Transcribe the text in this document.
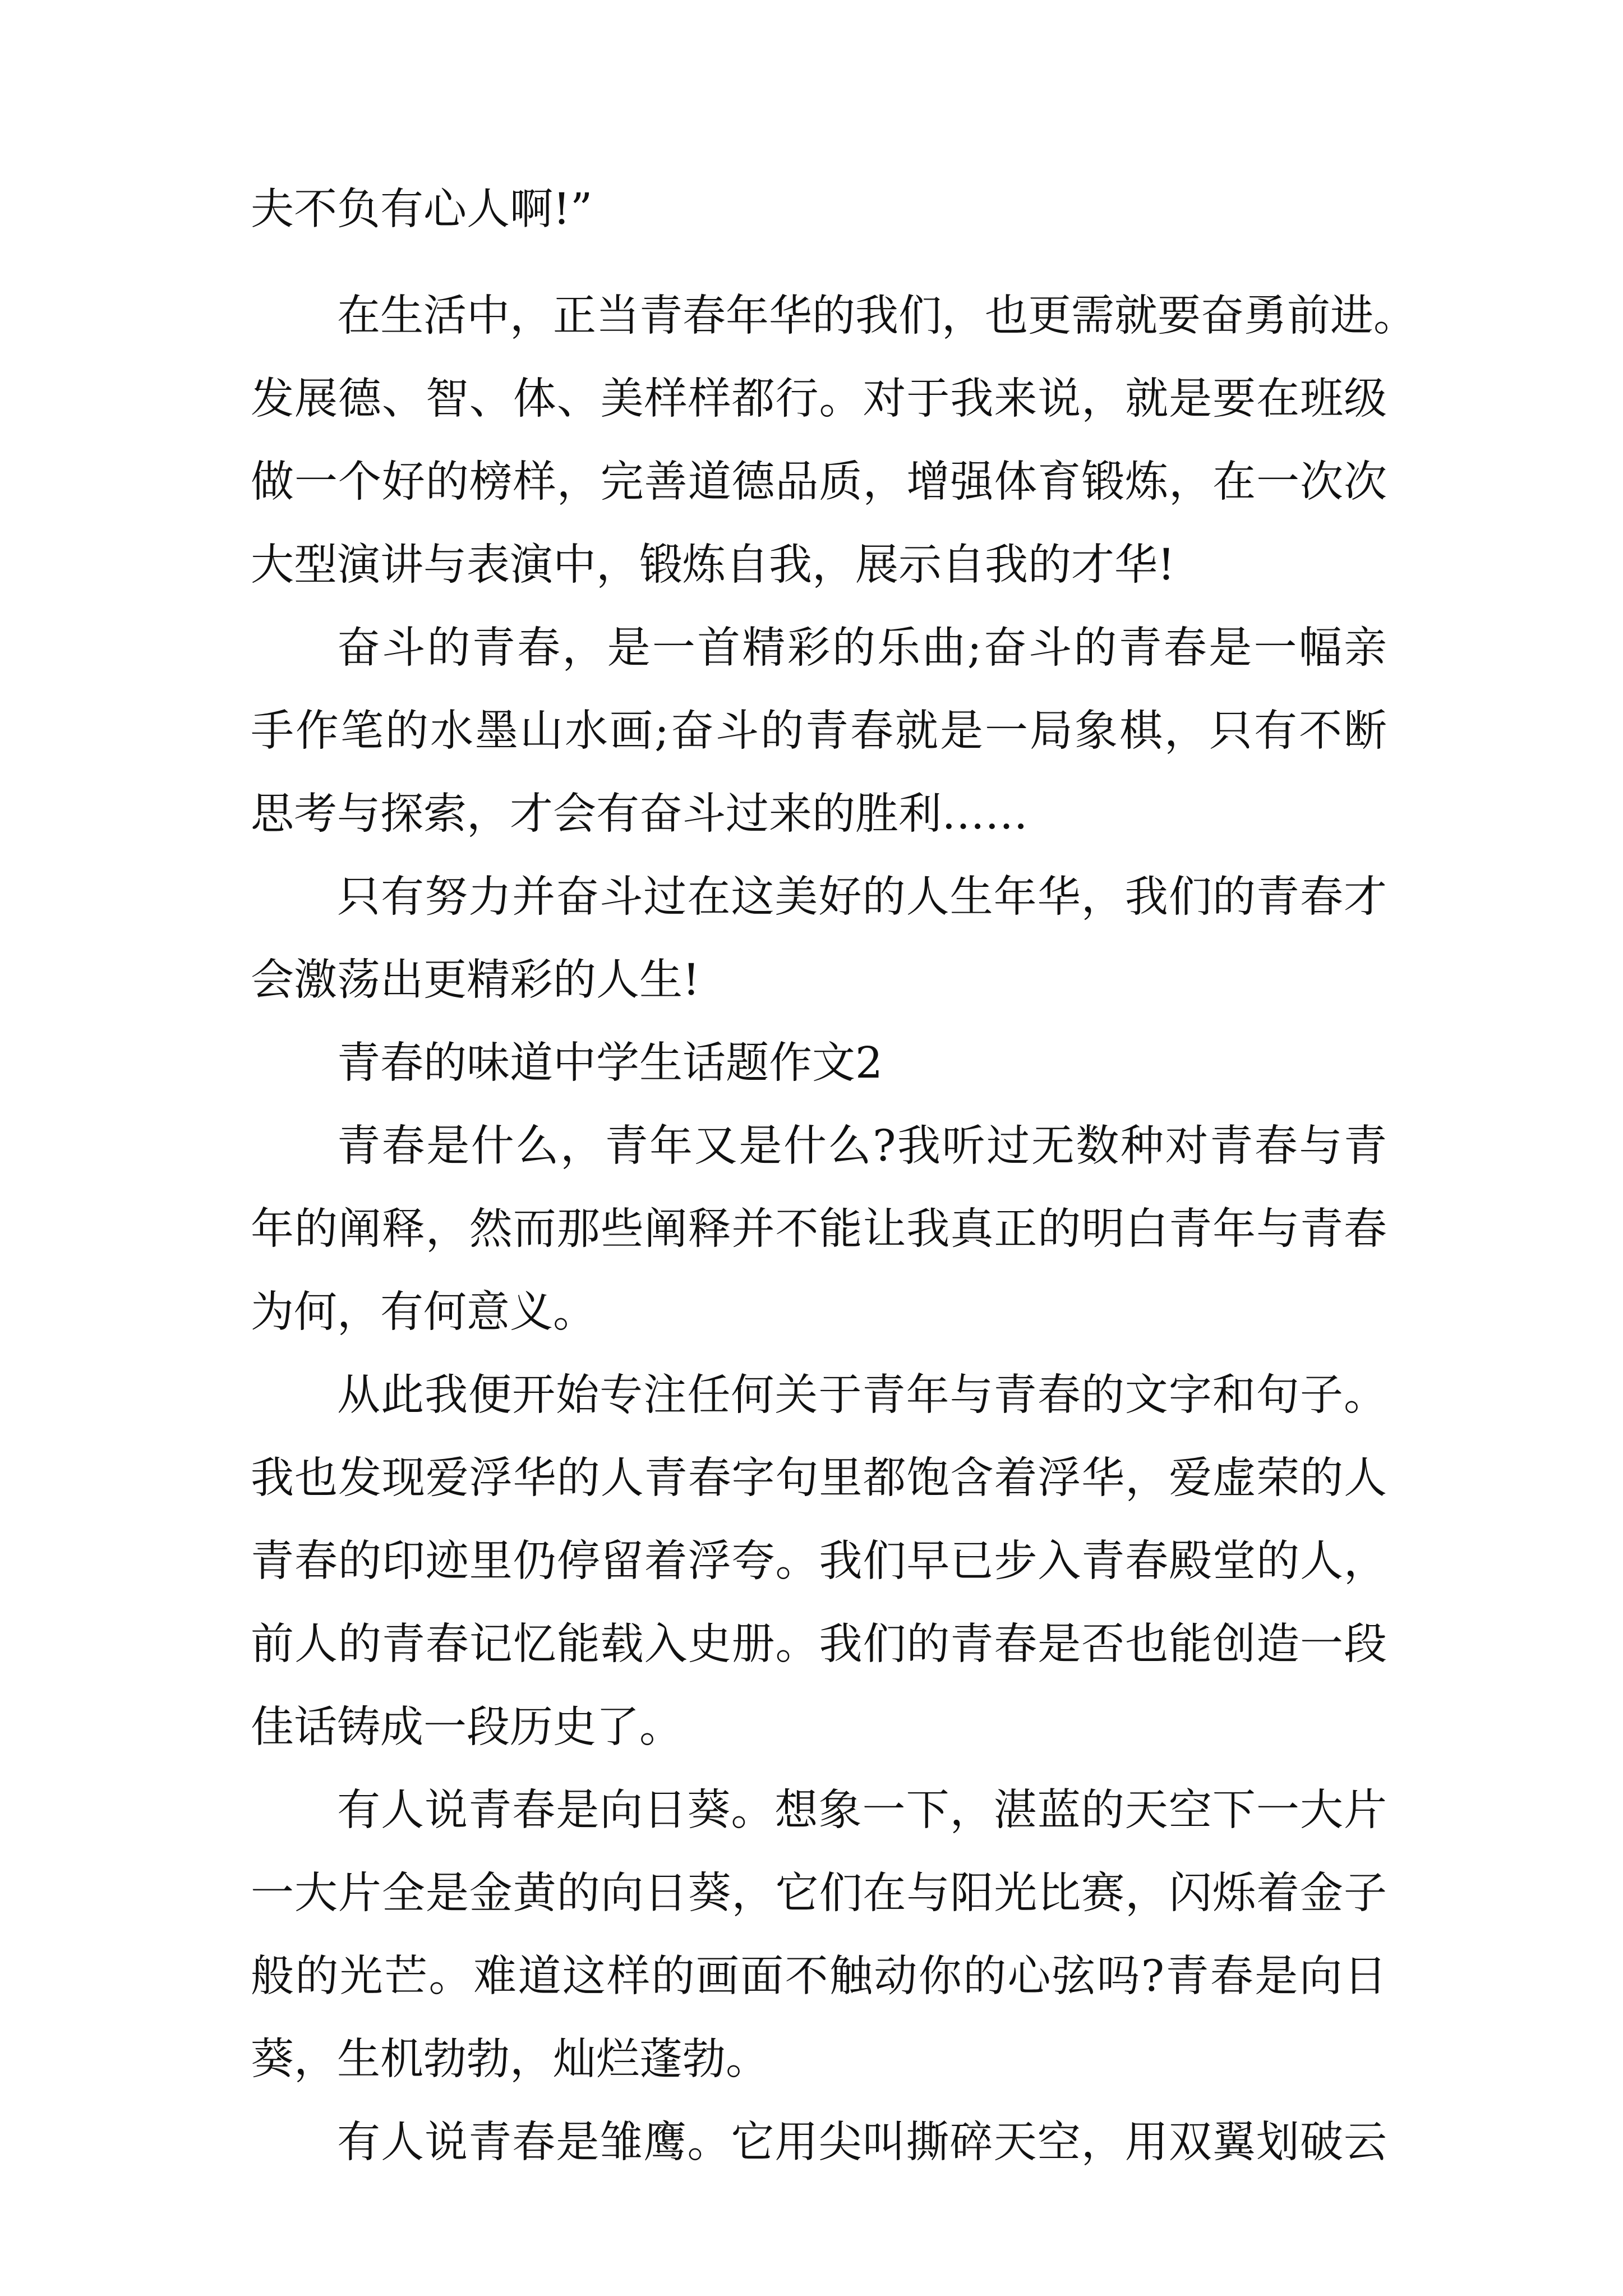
夫不负有心人啊!”
在生活中，正当青春年华的我们，也更需就要奋勇前进。
发展德、智、体、美样样都行。对于我来说，就是要在班级
做一个好的榜样，完善道德品质，增强体育锻炼，在一次次
大型演讲与表演中，锻炼自我，展示自我的才华!
奋斗的青春，是一首精彩的乐曲;奋斗的青春是一幅亲
手作笔的水墨山水画;奋斗的青春就是一局象棋，只有不断
思考与探索，才会有奋斗过来的胜利……
只有努力并奋斗过在这美好的人生年华，我们的青春才
会激荡出更精彩的人生!
青春的味道中学生话题作文2
青春是什么，青年又是什么?我听过无数种对青春与青
年的阐释，然而那些阐释并不能让我真正的明白青年与青春
为何，有何意义。
从此我便开始专注任何关于青年与青春的文字和句子。
我也发现爱浮华的人青春字句里都饱含着浮华，爱虚荣的人
青春的印迹里仍停留着浮夸。我们早已步入青春殿堂的人，
前人的青春记忆能载入史册。我们的青春是否也能创造一段
佳话铸成一段历史了。
有人说青春是向日葵。想象一下，湛蓝的天空下一大片
一大片全是金黄的向日葵，它们在与阳光比赛，闪烁着金子
般的光芒。难道这样的画面不触动你的心弦吗?青春是向日
葵，生机勃勃，灿烂蓬勃。
有人说青春是雏鹰。它用尖叫撕碎天空，用双翼划破云
